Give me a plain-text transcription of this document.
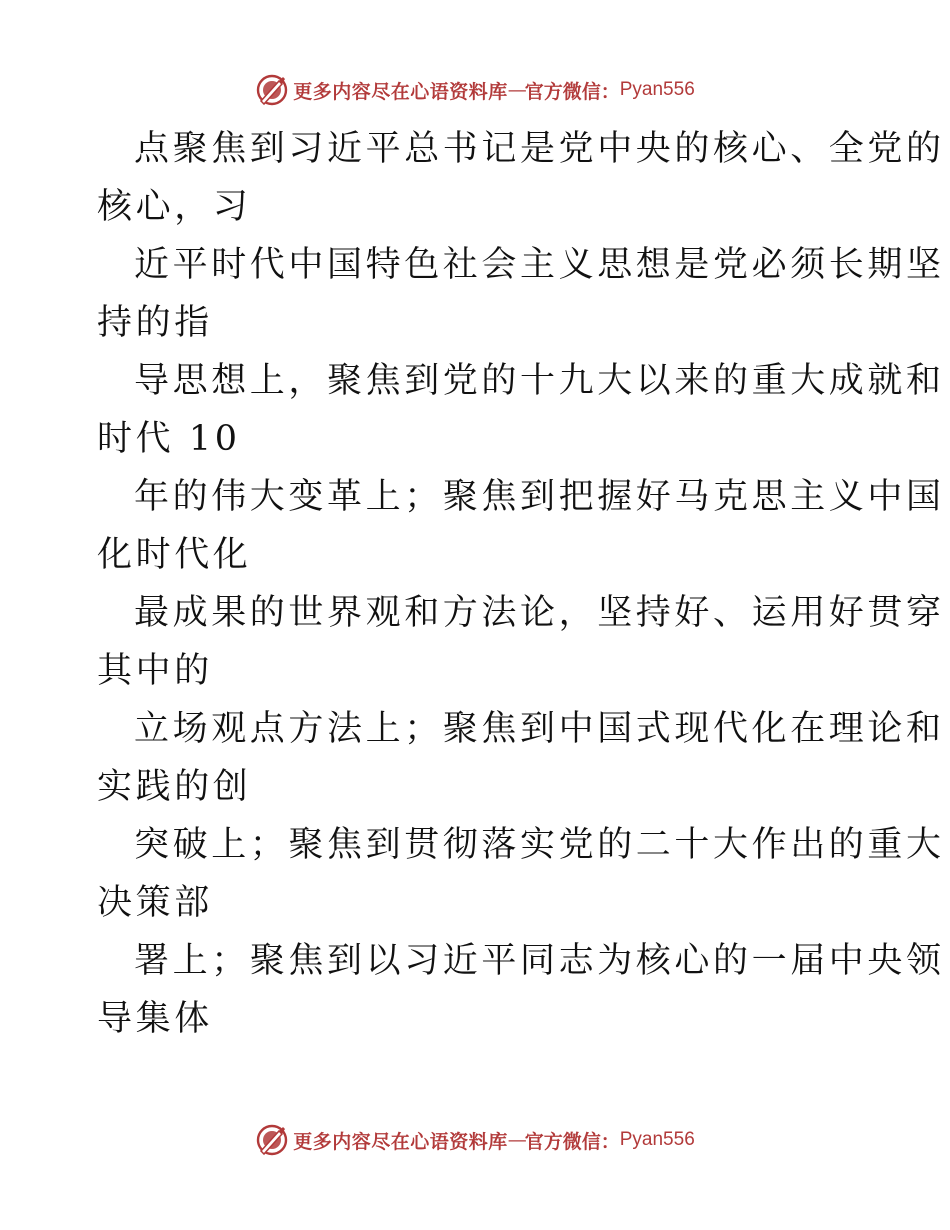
更多内容尽在心语资料库 — 官方微信： Pyan556
点聚焦到习近平总书记是党中央的核心、全党的
核心，习
近平时代中国特色社会主义思想是党必须长期坚
持的指
导思想上，聚焦到党的十九大以来的重大成就和
时代 10
年的伟大变革上；聚焦到把握好马克思主义中国
化时代化
最成果的世界观和方法论，坚持好、运用好贯穿
其中的
立场观点方法上；聚焦到中国式现代化在理论和
实践的创
突破上；聚焦到贯彻落实党的二十大作出的重大
决策部
署上；聚焦到以习近平同志为核心的一届中央领
导集体
更多内容尽在心语资料库 — 官方微信： Pyan556
